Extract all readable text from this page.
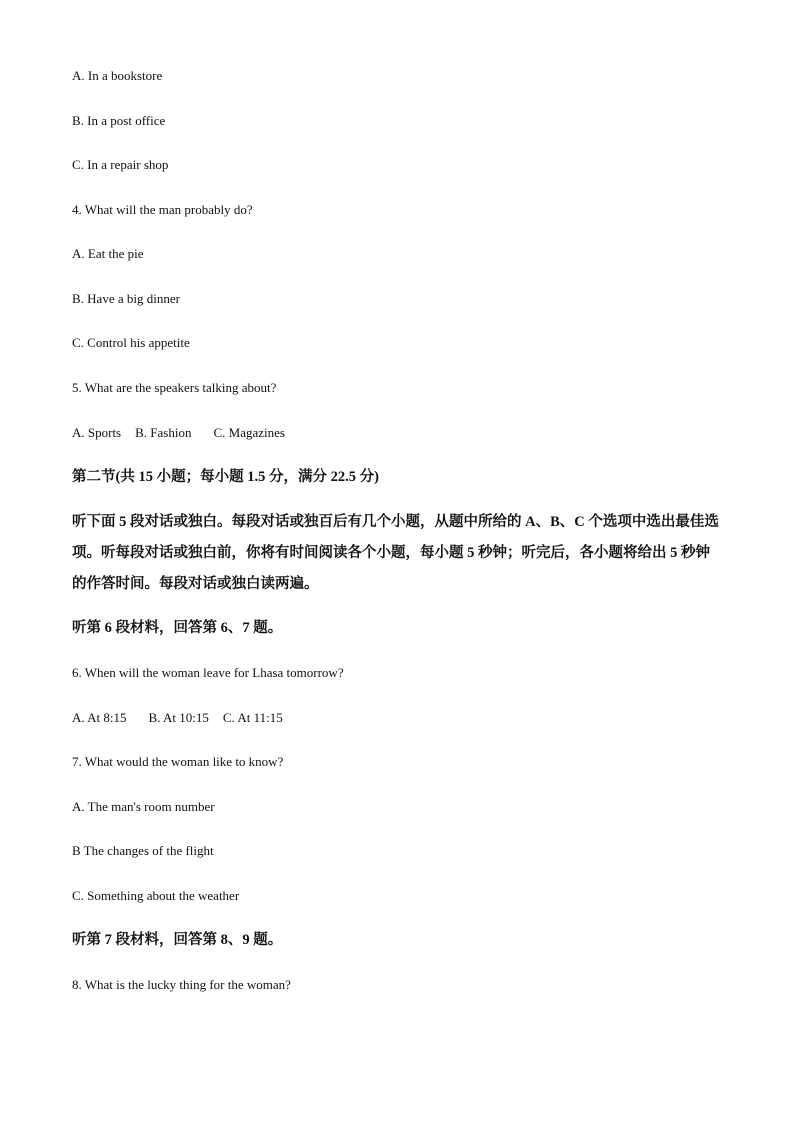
A. In a bookstore
B. In a post office
C. In a repair shop
4. What will the man probably do?
A. Eat the pie
B. Have a big dinner
C. Control his appetite
5. What are the speakers talking about?
A. Sports B. Fashion C. Magazines
第二节(共 15 小题；每小题 1.5 分，满分 22.5 分)
听下面 5 段对话或独白。每段对话或独百后有几个小题，从题中所给的 A、B、C 个选项中选出最佳选项。听每段对话或独白前，你将有时间阅读各个小题，每小题 5 秒钟；听完后，各小题将给出 5 秒钟的作答时间。每段对话或独白读两遍。
听第 6 段材料，回答第 6、7 题。
6. When will the woman leave for Lhasa tomorrow?
A. At 8:15 B. At 10:15 C. At 11:15
7. What would the woman like to know?
A. The man's room number
B The changes of the flight
C. Something about the weather
听第 7 段材料，回答第 8、9 题。
8. What is the lucky thing for the woman?
